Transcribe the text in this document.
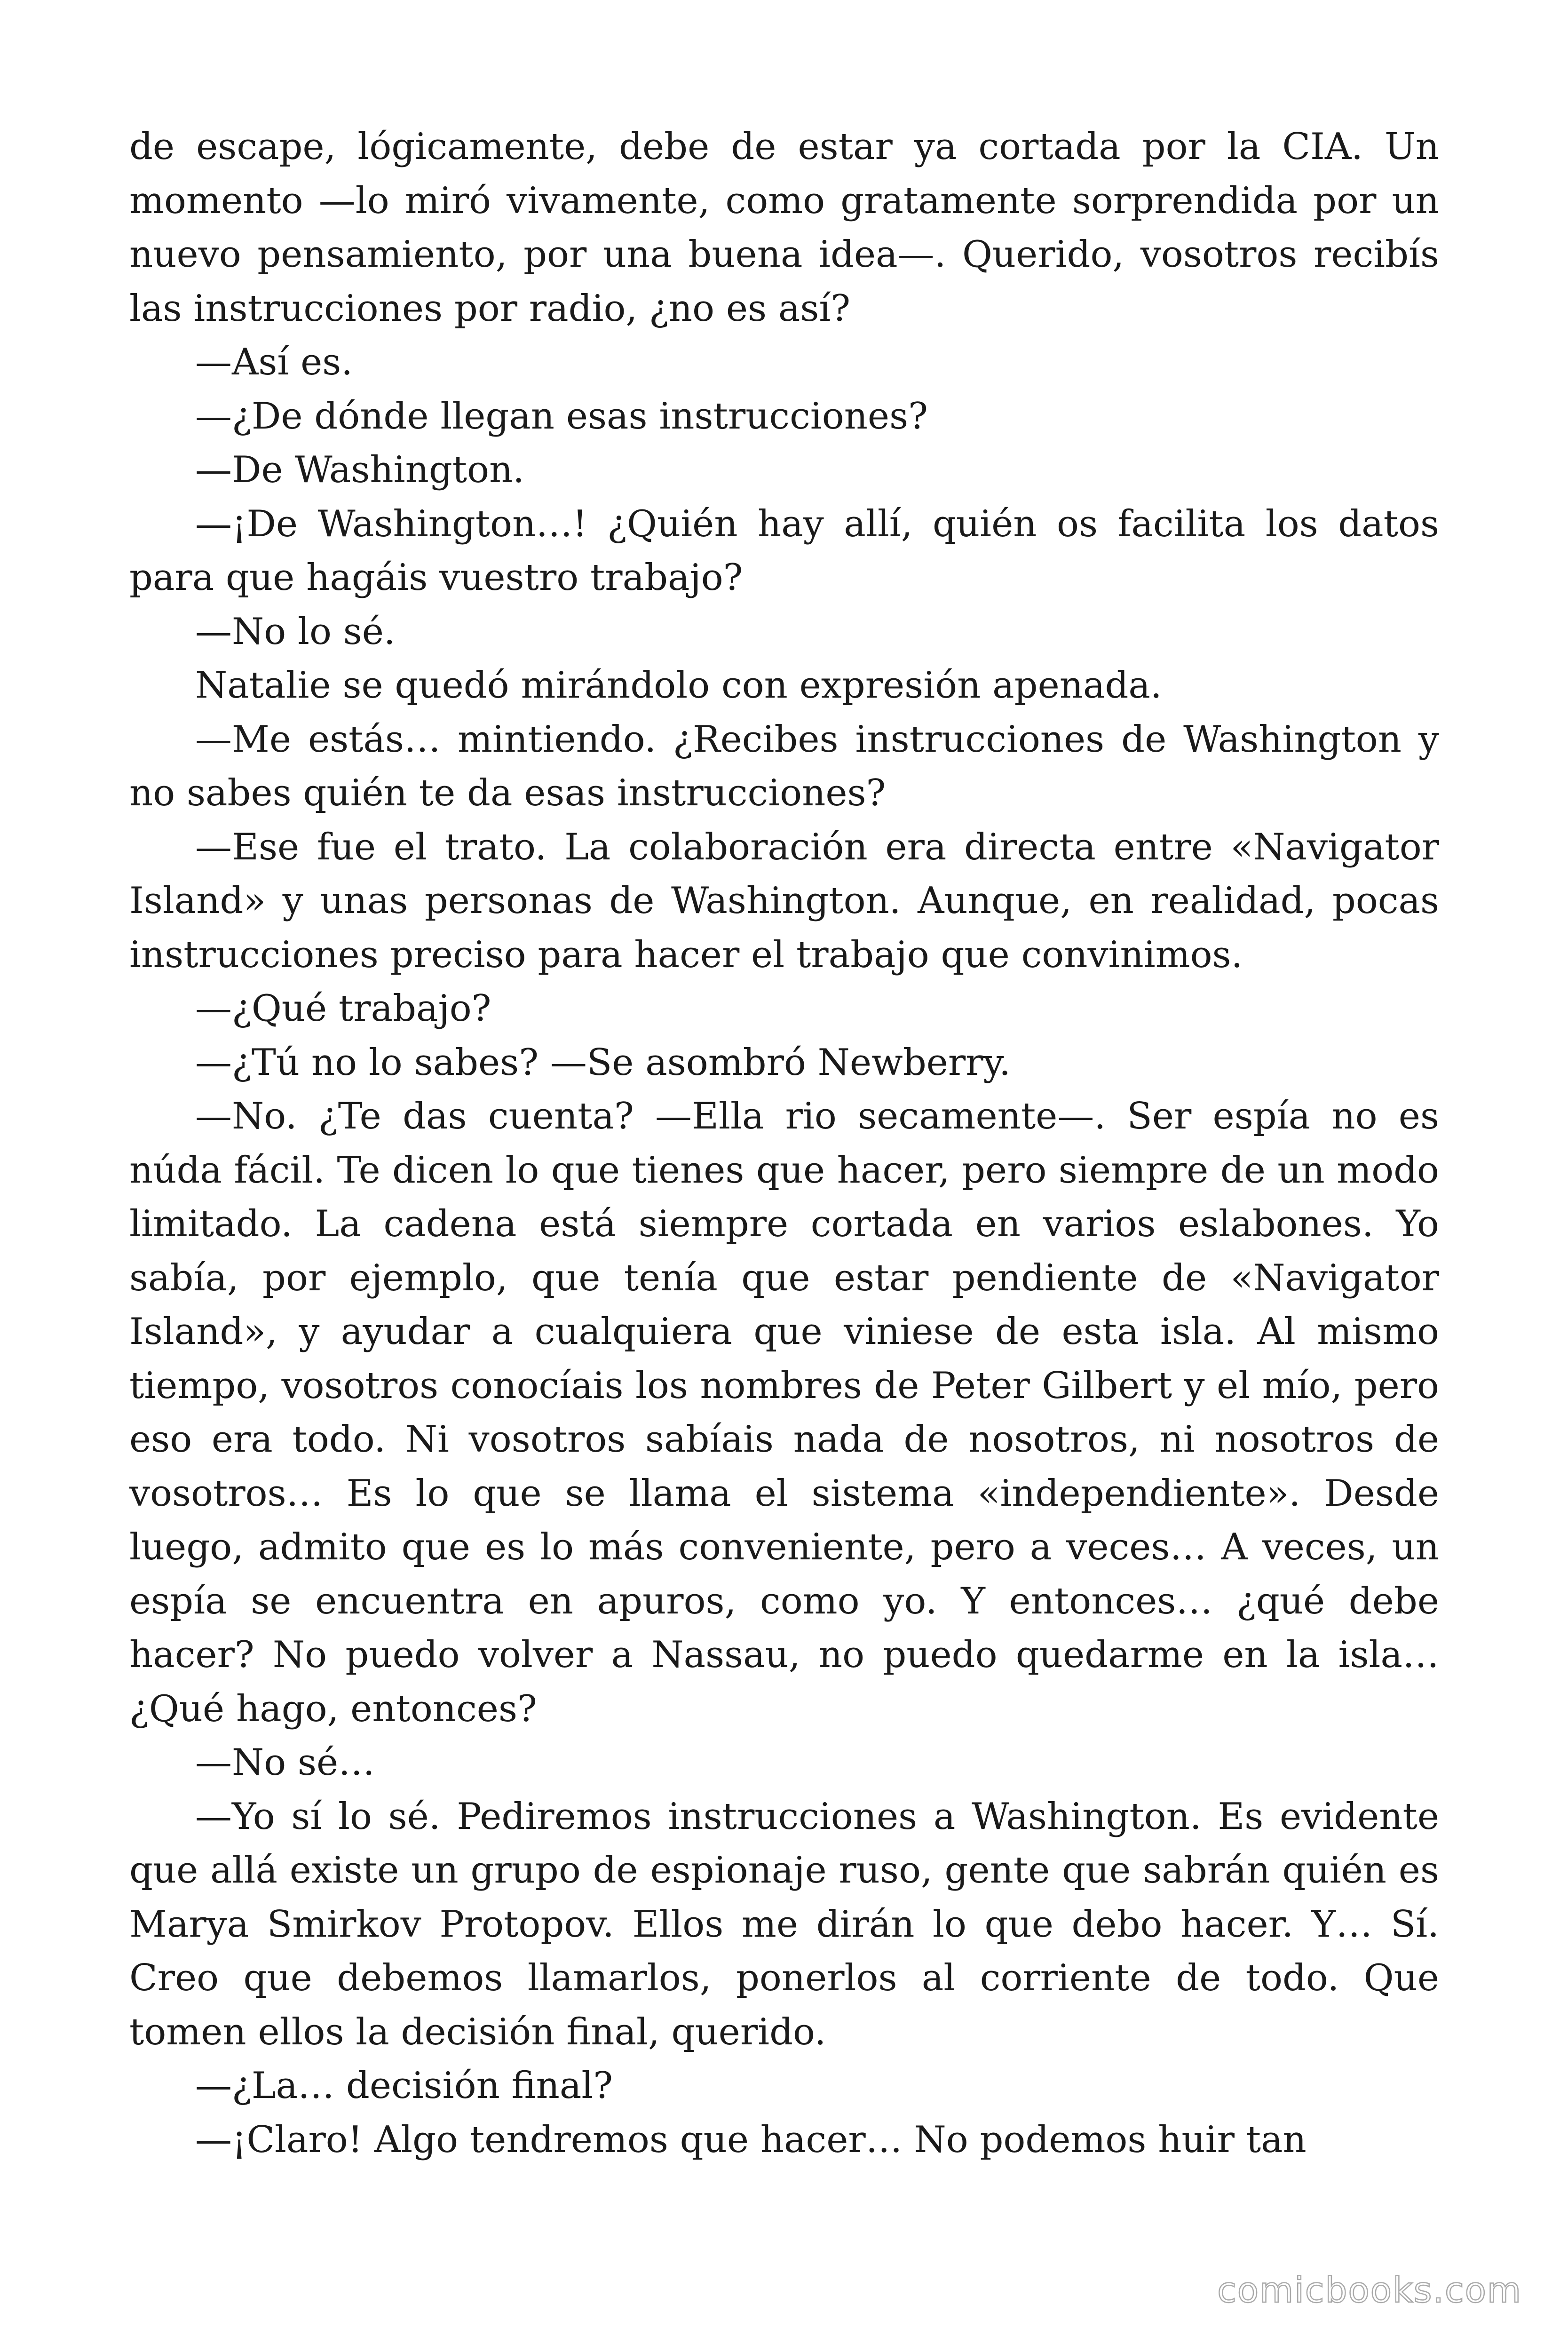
de escape, lógicamente, debe de estar ya cortada por la CIA. Un momento —lo miró vivamente, como gratamente sorprendida por un nuevo pensamiento, por una buena idea—. Querido, vosotros recibís las instrucciones por radio, ¿no es así?

—Así es.

—¿De dónde llegan esas instrucciones?

—De Washington.

—¡De Washington…! ¿Quién hay allí, quién os facilita los datos para que hagáis vuestro trabajo?

—No lo sé.

Natalie se quedó mirándolo con expresión apenada.

—Me estás… mintiendo. ¿Recibes instrucciones de Washington y no sabes quién te da esas instrucciones?

—Ese fue el trato. La colaboración era directa entre «Navigator Island» y unas personas de Washington. Aunque, en realidad, pocas instrucciones preciso para hacer el trabajo que convinimos.

—¿Qué trabajo?

—¿Tú no lo sabes? —Se asombró Newberry.

—No. ¿Te das cuenta? —Ella rio secamente—. Ser espía no es núda fácil. Te dicen lo que tienes que hacer, pero siempre de un modo limitado. La cadena está siempre cortada en varios eslabones. Yo sabía, por ejemplo, que tenía que estar pendiente de «Navigator Island», y ayudar a cualquiera que viniese de esta isla. Al mismo tiempo, vosotros conocíais los nombres de Peter Gilbert y el mío, pero eso era todo. Ni vosotros sabíais nada de nosotros, ni nosotros de vosotros… Es lo que se llama el sistema «independiente». Desde luego, admito que es lo más conveniente, pero a veces… A veces, un espía se encuentra en apuros, como yo. Y entonces… ¿qué debe hacer? No puedo volver a Nassau, no puedo quedarme en la isla… ¿Qué hago, entonces?

—No sé…

—Yo sí lo sé. Pediremos instrucciones a Washington. Es evidente que allá existe un grupo de espionaje ruso, gente que sabrán quién es Marya Smirkov Protopov. Ellos me dirán lo que debo hacer. Y… Sí. Creo que debemos llamarlos, ponerlos al corriente de todo. Que tomen ellos la decisión final, querido.

—¿La… decisión final?

—¡Claro! Algo tendremos que hacer… No podemos huir tan

comicbooks.com
